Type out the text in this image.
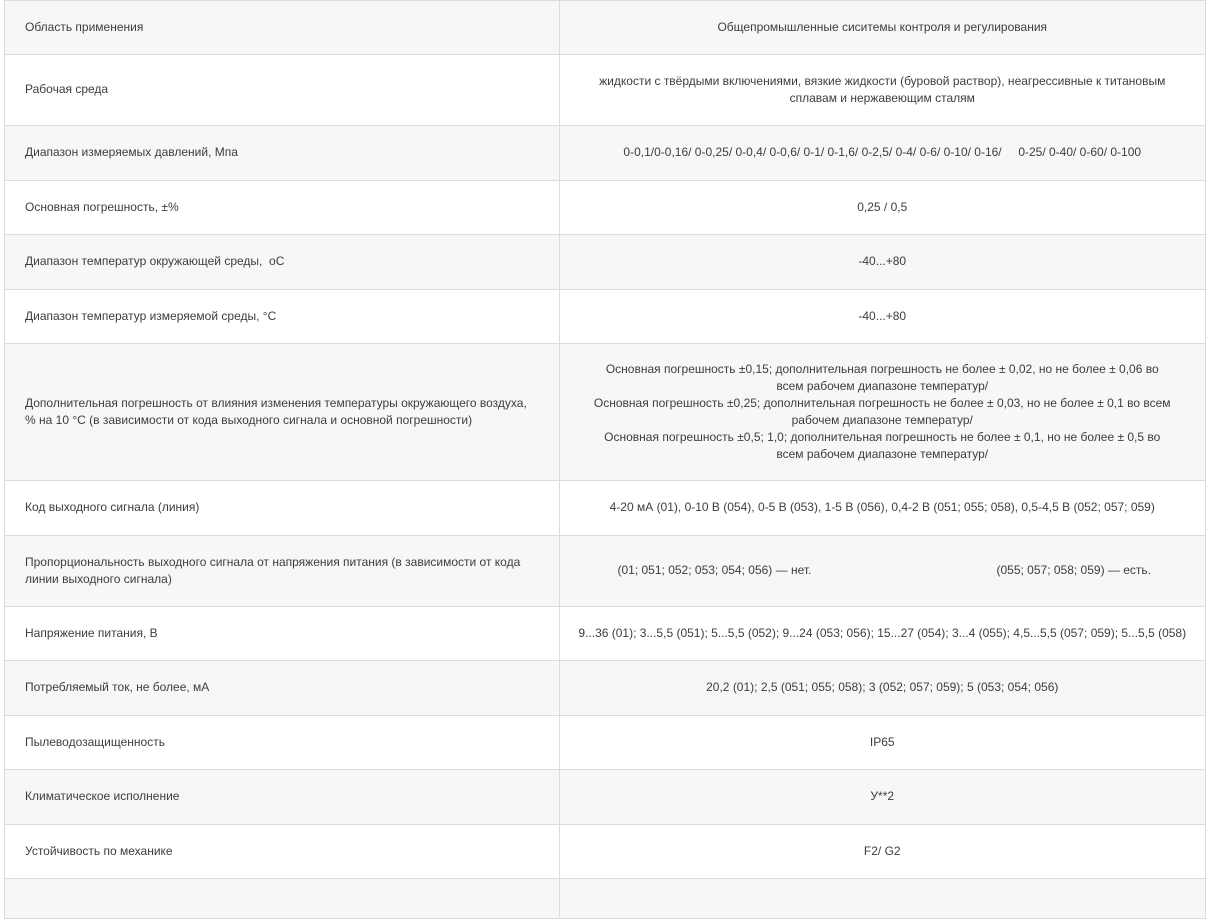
Область применения	Общепромышленные сиситемы контроля и регулирования
Рабочая среда	жидкости с твёрдыми включениями, вязкие жидкости (буровой раствор), неагрессивные к титановым сплавам и нержавеющим сталям
Диапазон измеряемых давлений, Мпа	0-0,1/0-0,16/ 0-0,25/ 0-0,4/ 0-0,6/ 0-1/ 0-1,6/ 0-2,5/ 0-4/ 0-6/ 0-10/ 0-16/     0-25/ 0-40/ 0-60/ 0-100
Основная погрешность, ±%	0,25 / 0,5
Диапазон температур окружающей среды,  оС	-40...+80
Диапазон температур измеряемой среды, °С	-40...+80
Дополнительная погрешность от влияния изменения температуры окружающего воздуха, % на 10 °С (в зависимости от кода выходного сигнала и основной погрешности)	Основная погрешность ±0,15; дополнительная погрешность не более ± 0,02, но не более ± 0,06 во всем рабочем диапазоне температур/
Основная погрешность ±0,25; дополнительная погрешность не более ± 0,03, но не более ± 0,1 во всем рабочем диапазоне температур/
Основная погрешность ±0,5; 1,0; дополнительная погрешность не более ± 0,1, но не более ± 0,5 во всем рабочем диапазоне температур/

Код выходного сигнала (линия)	4-20 мА (01), 0-10 В (054), 0-5 В (053), 1-5 В (056), 0,4-2 В (051; 055; 058), 0,5-4,5 В (052; 057; 059)
Пропорциональность выходного сигнала от напряжения питания (в зависимости от кода линии выходного сигнала)	(01; 051; 052; 053; 054; 056) — нет. (055; 057; 058; 059) — есть.

Напряжение питания, В	9...36 (01); 3...5,5 (051); 5...5,5 (052); 9...24 (053; 056); 15...27 (054); 3...4 (055); 4,5...5,5 (057; 059); 5...5,5 (058)
Потребляемый ток, не более, мА	20,2 (01); 2,5 (051; 055; 058); 3 (052; 057; 059); 5 (053; 054; 056)
Пылеводозащищенность	IP65
Климатическое исполнение	У**2
Устойчивость по механике	F2/ G2
